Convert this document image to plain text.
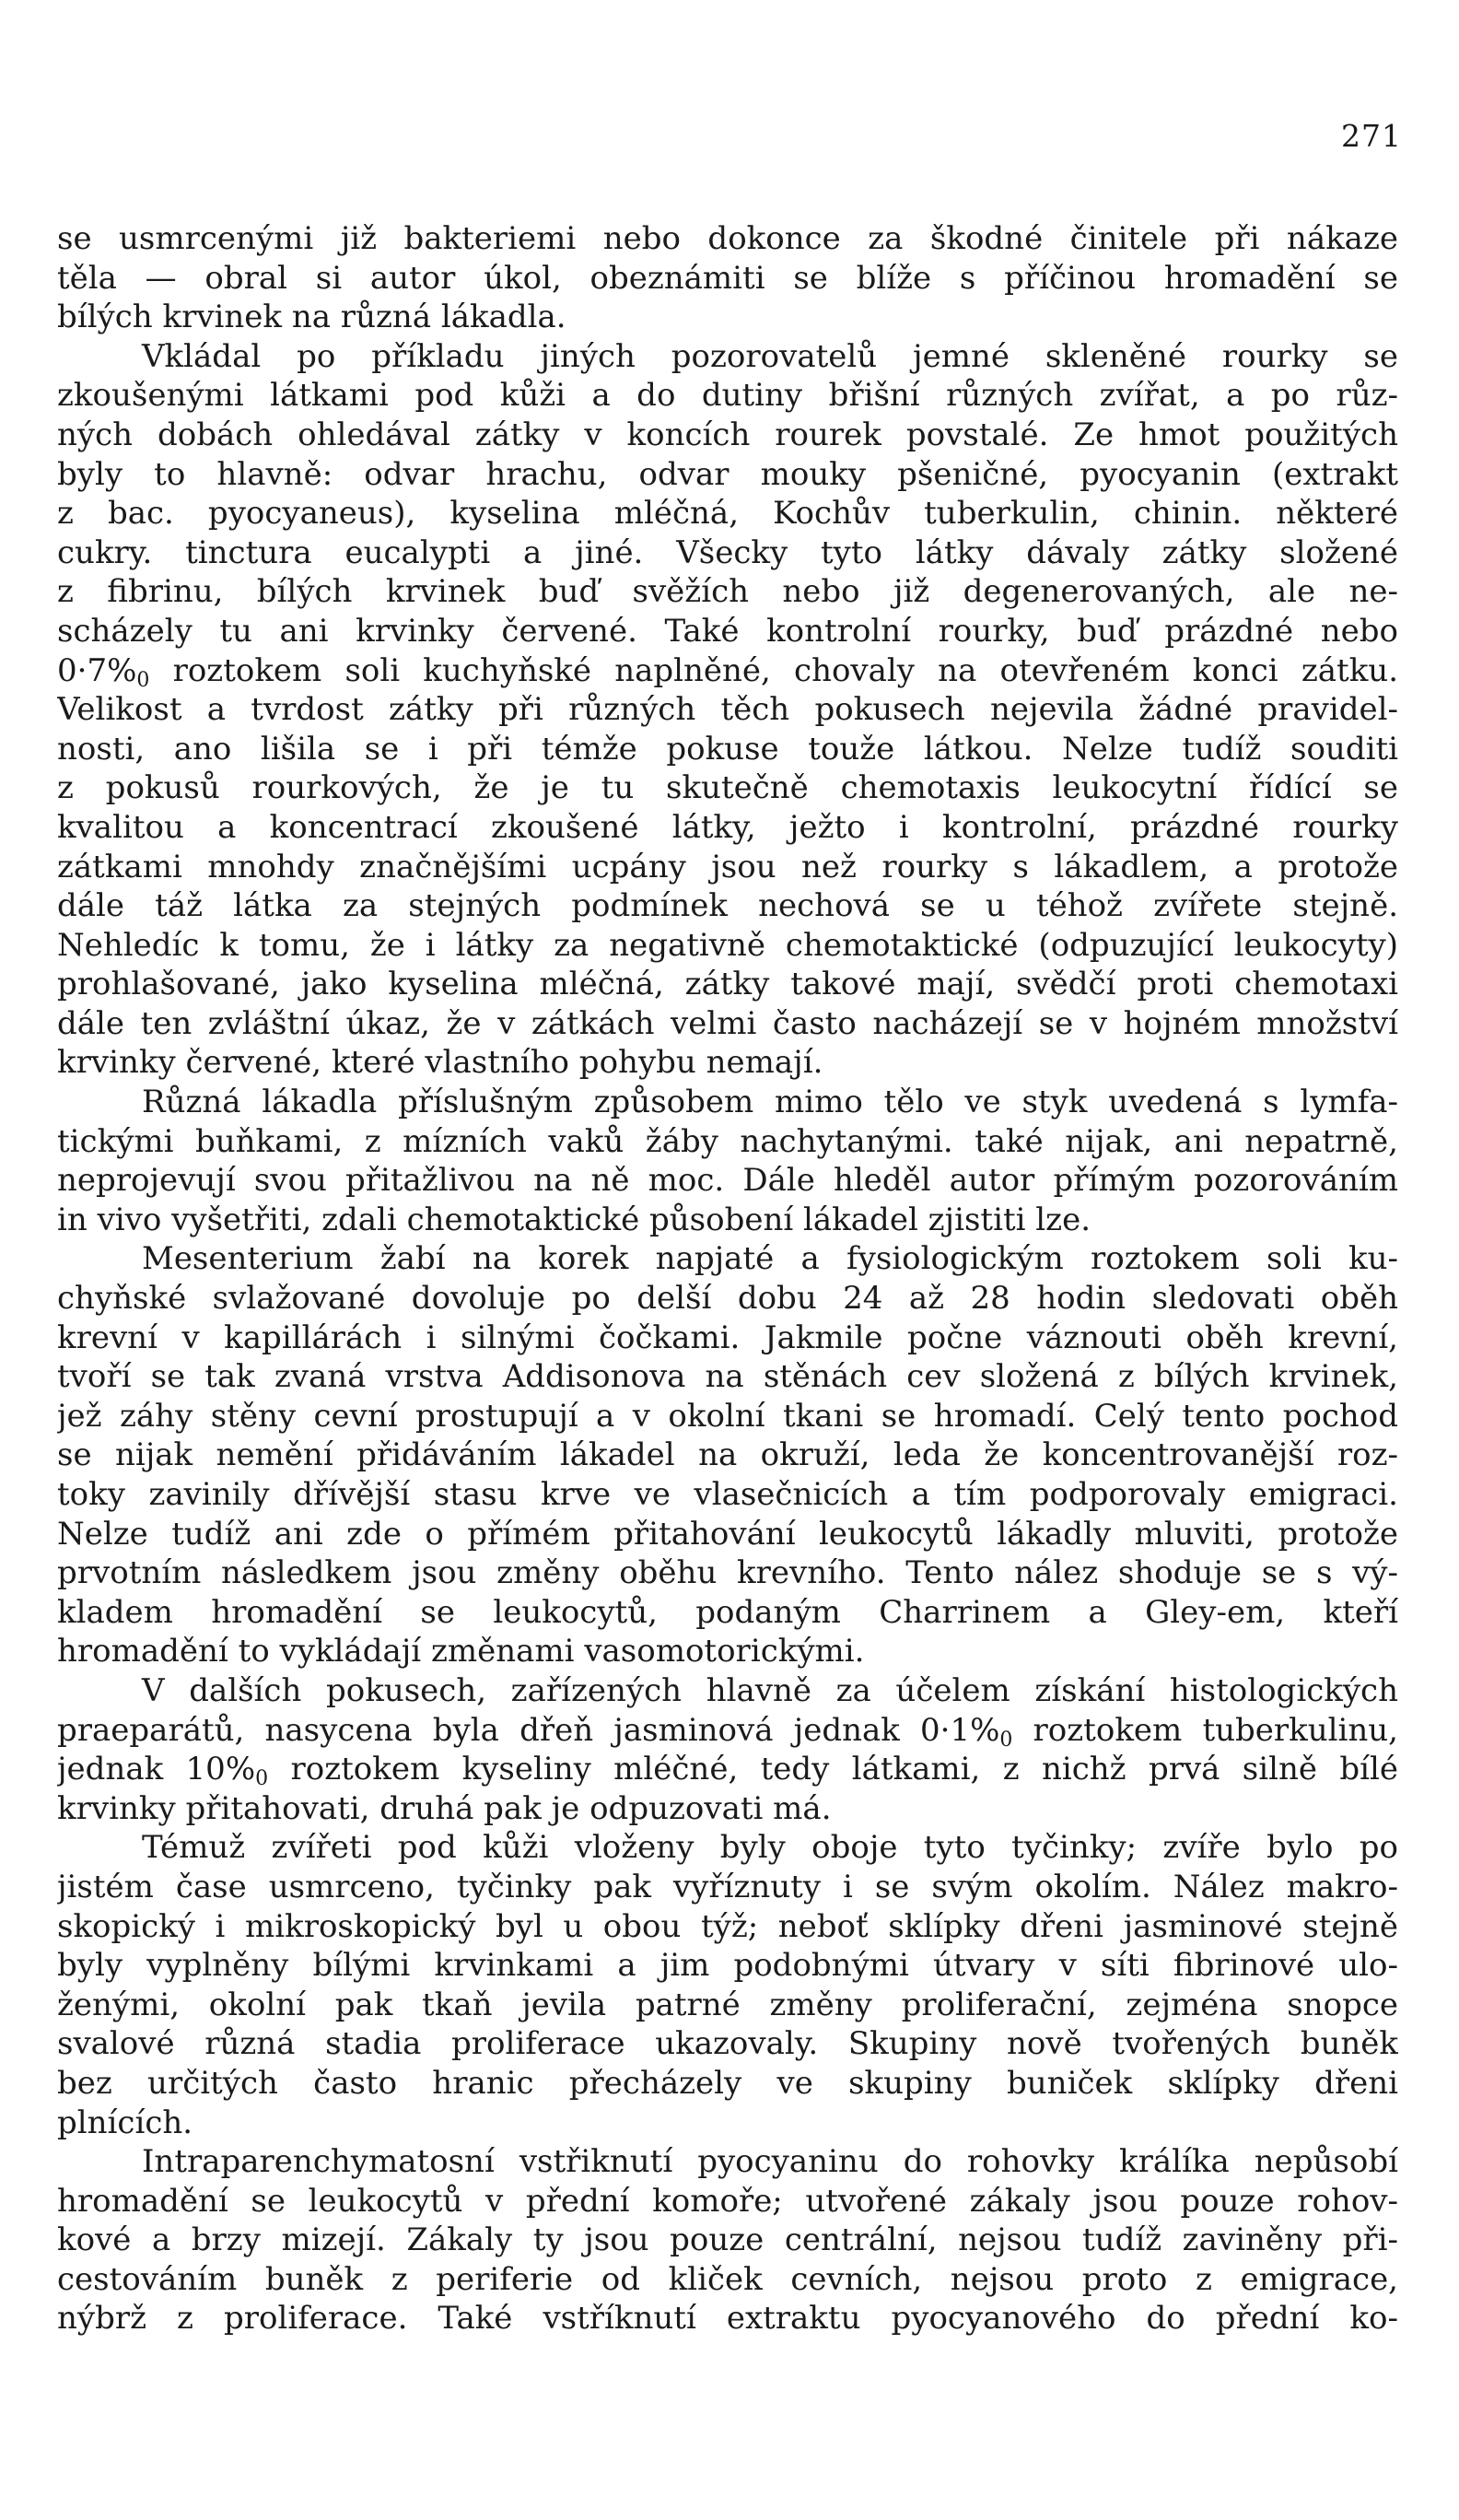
271
se usmrcenými již bakteriemi nebo dokonce za škodné činitele při nákaze
těla — obral si autor úkol, obeznámiti se blíže s příčinou hromadění se
bílých krvinek na různá lákadla.
Vkládal po příkladu jiných pozorovatelů jemné skleněné rourky se
zkoušenými látkami pod kůži a do dutiny břišní různých zvířat, a po růz-
ných dobách ohledával zátky v koncích rourek povstalé. Ze hmot použitých
byly to hlavně: odvar hrachu, odvar mouky pšeničné, pyocyanin (extrakt
z bac. pyocyaneus), kyselina mléčná, Kochův tuberkulin, chinin. některé
cukry. tinctura eucalypti a jiné. Všecky tyto látky dávaly zátky složené
z fibrinu, bílých krvinek buď svěžích nebo již degenerovaných, ale ne-
scházely tu ani krvinky červené. Také kontrolní rourky, buď prázdné nebo
$0\cdot 7\%_0$ roztokem soli kuchyňské naplněné, chovaly na otevřeném konci zátku.
Velikost a tvrdost zátky při různých těch pokusech nejevila žádné pravidel-
nosti, ano lišila se i při témže pokuse touže látkou. Nelze tudíž souditi
z pokusů rourkových, že je tu skutečně chemotaxis leukocytní řídící se
kvalitou a koncentrací zkoušené látky, ježto i kontrolní, prázdné rourky
zátkami mnohdy značnějšími ucpány jsou než rourky s lákadlem, a protože
dále táž látka za stejných podmínek nechová se u téhož zvířete stejně.
Nehledíc k tomu, že i látky za negativně chemotaktické (odpuzující leukocyty)
prohlašované, jako kyselina mléčná, zátky takové mají, svědčí proti chemotaxi
dále ten zvláštní úkaz, že v zátkách velmi často nacházejí se v hojném množství
krvinky červené, které vlastního pohybu nemají.
Různá lákadla příslušným způsobem mimo tělo ve styk uvedená s lymfa-
tickými buňkami, z mízních vaků žáby nachytanými. také nijak, ani nepatrně,
neprojevují svou přitažlivou na ně moc. Dále hleděl autor přímým pozorováním
in vivo vyšetřiti, zdali chemotaktické působení lákadel zjistiti lze.
Mesenterium žabí na korek napjaté a fysiologickým roztokem soli ku-
chyňské svlažované dovoluje po delší dobu 24 až 28 hodin sledovati oběh
krevní v kapillárách i silnými čočkami. Jakmile počne váznouti oběh krevní,
tvoří se tak zvaná vrstva Addisonova na stěnách cev složená z bílých krvinek,
jež záhy stěny cevní prostupují a v okolní tkani se hromadí. Celý tento pochod
se nijak nemění přidáváním lákadel na okruží, leda že koncentrovanější roz-
toky zavinily dřívější stasu krve ve vlasečnicích a tím podporovaly emigraci.
Nelze tudíž ani zde o přímém přitahování leukocytů lákadly mluviti, protože
prvotním následkem jsou změny oběhu krevního. Tento nález shoduje se s vý-
kladem hromadění se leukocytů, podaným Charrinem a Gley-em, kteří
hromadění to vykládají změnami vasomotorickými.
V dalších pokusech, zařízených hlavně za účelem získání histologických
praeparátů, nasycena byla dřeň jasminová jednak $0\cdot 1\%_0$ roztokem tuberkulinu,
jednak $10\%_0$ roztokem kyseliny mléčné, tedy látkami, z nichž prvá silně bílé
krvinky přitahovati, druhá pak je odpuzovati má.
Témuž zvířeti pod kůži vloženy byly obojе tyto tyčinky; zvíře bylo po
jistém čase usmrceno, tyčinky pak vyříznuty i se svým okolím. Nález makro-
skopický i mikroskopický byl u obou týž; neboť sklípky dřeni jasminové stejně
byly vyplněny bílými krvinkami a jim podobnými útvary v síti fibrinové ulo-
ženými, okolní pak tkaň jevila patrné změny proliferační, zejména snopce
svalové různá stadia proliferace ukazovaly. Skupiny nově tvořených buněk
bez určitých často hranic přecházely ve skupiny buniček sklípky dřeni
plnících.
Intraparenchymatosní vstřiknutí pyocyaninu do rohovky králíka nepůsobí
hromadění se leukocytů v přední komoře; utvořené zákaly jsou pouze rohov-
kové a brzy mizejí. Zákaly ty jsou pouze centrální, nejsou tudíž zaviněny při-
cestováním buněk z periferie od kliček cevních, nejsou proto z emigrace,
nýbrž z proliferace. Také vstříknutí extraktu pyocyanového do přední ko-
